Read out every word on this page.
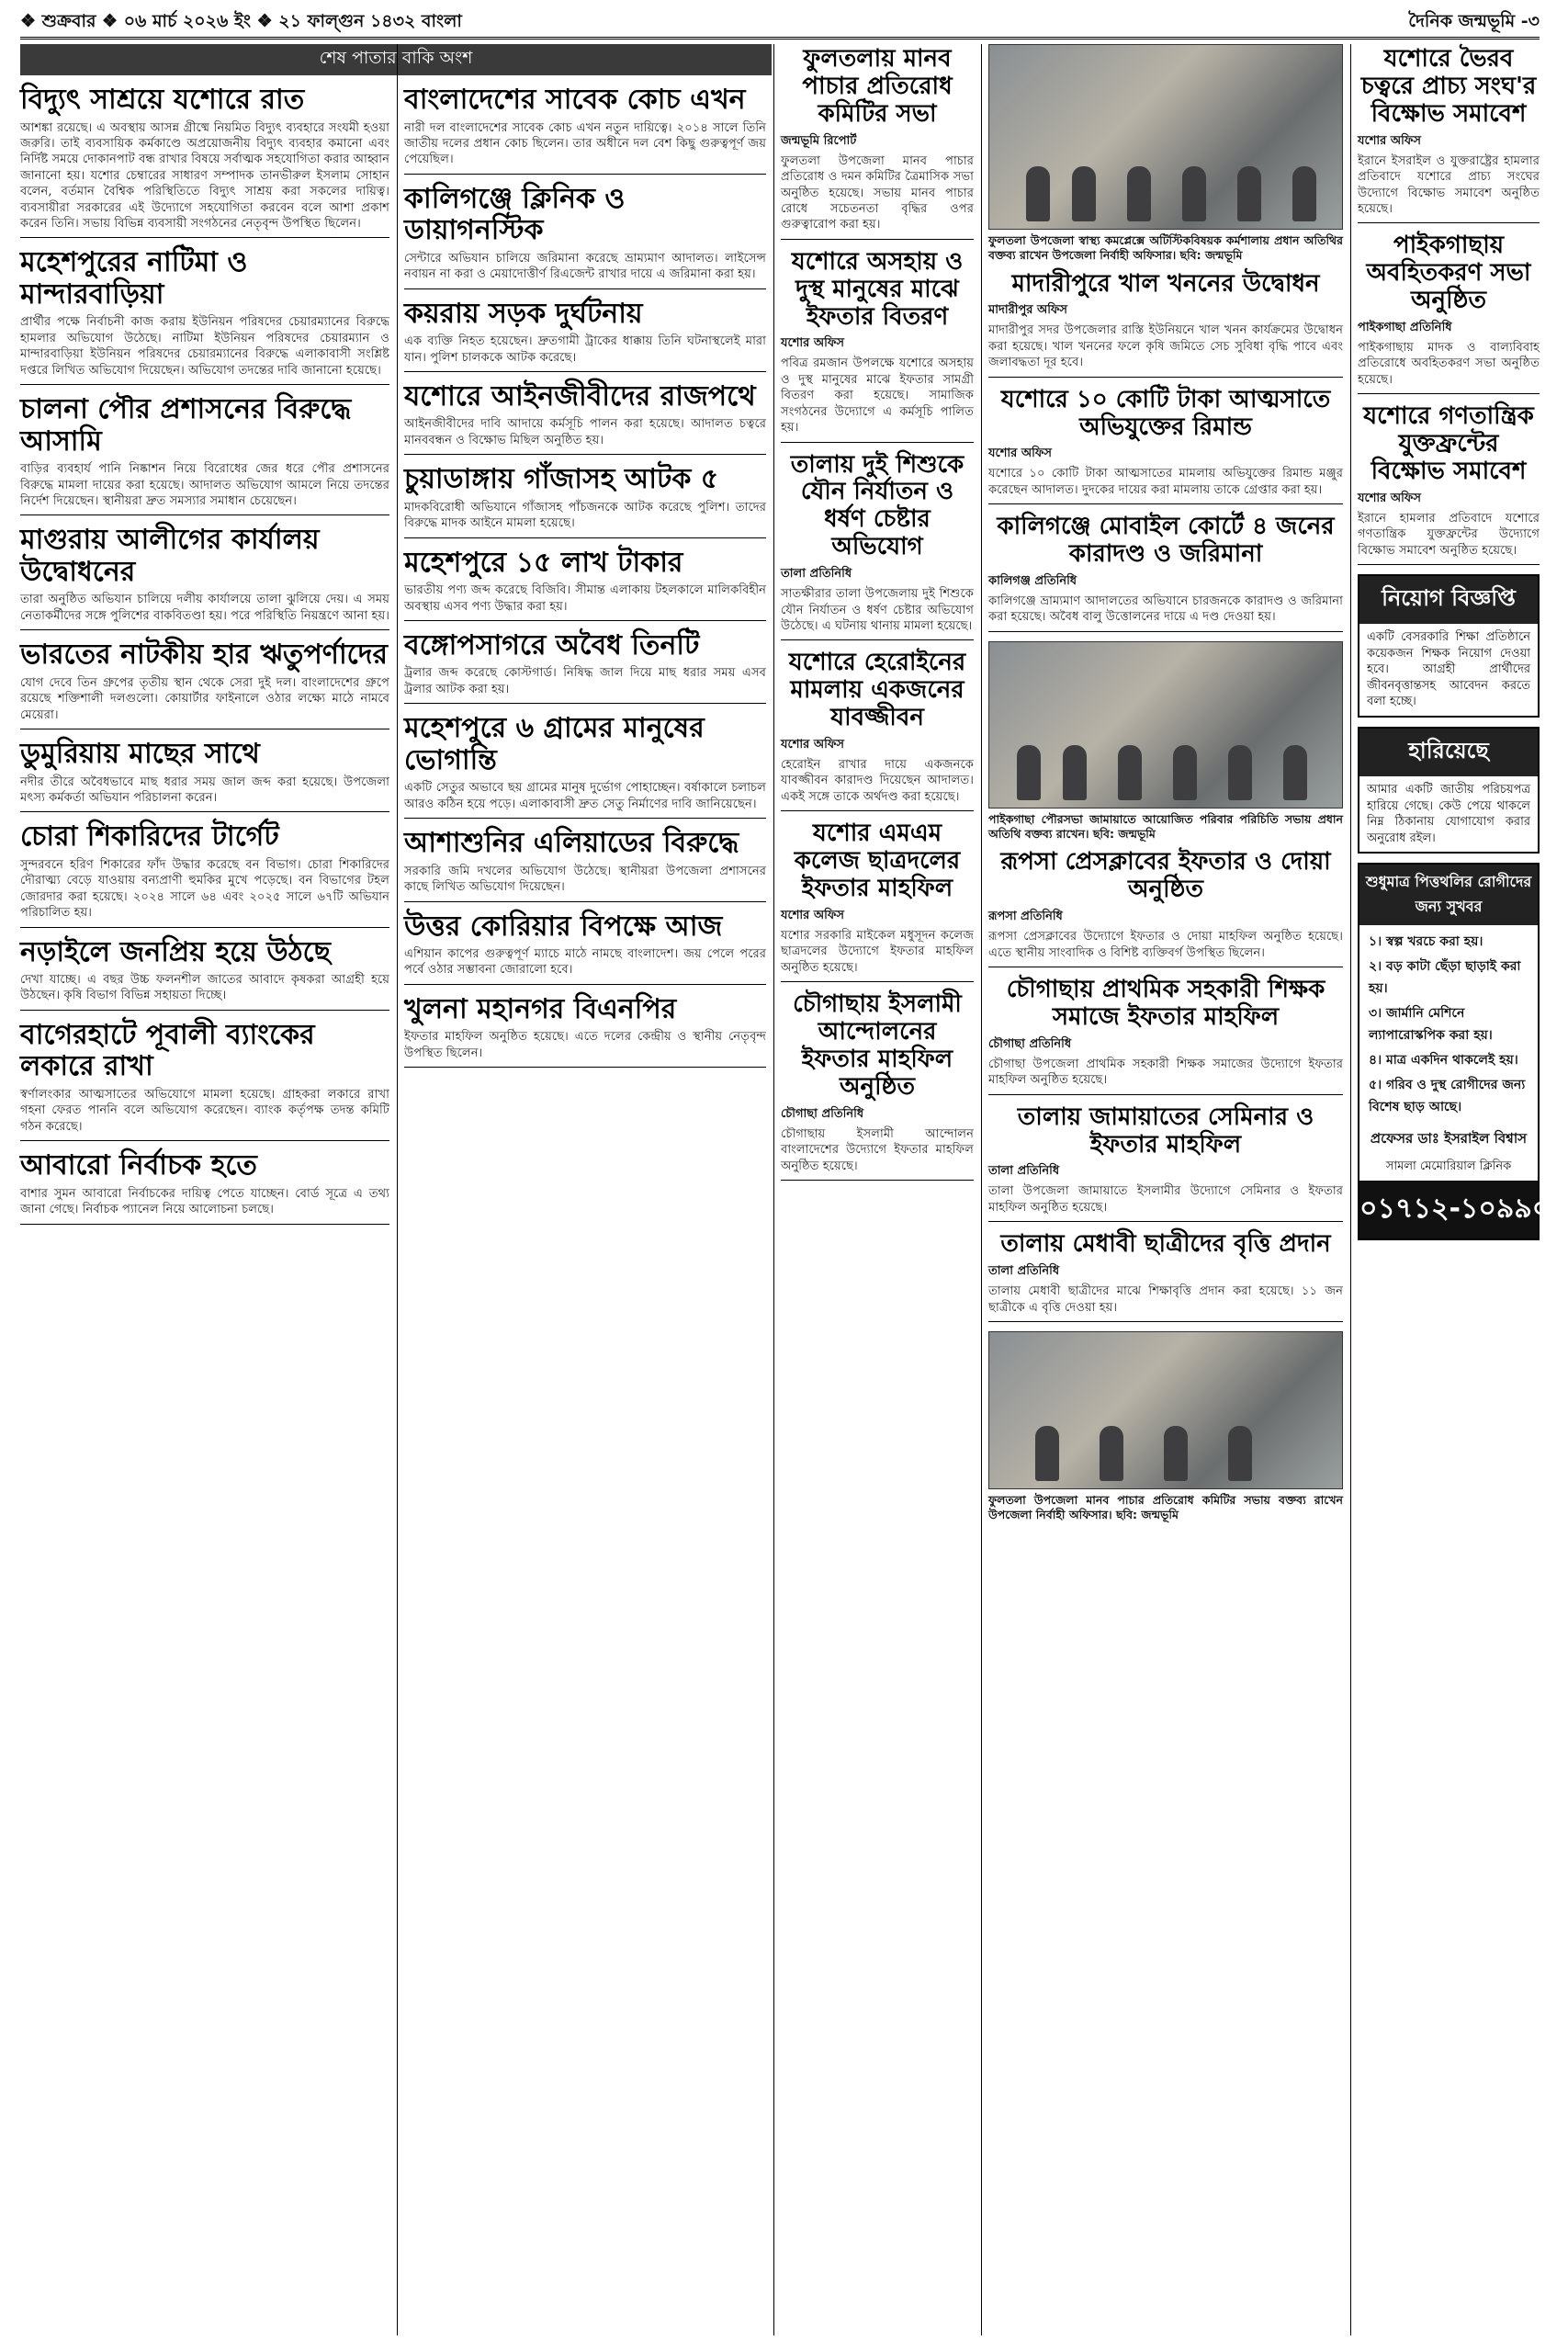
❖ শুক্রবার ❖ ০৬ মার্চ ২০২৬ ইং ❖ ২১ ফাল্গুন ১৪৩২ বাংলা	দৈনিক জন্মভূমি -৩
শেষ পাতার বাকি অংশ
বিদ্যুৎ সাশ্রয়ে যশোরে রাত

আশঙ্কা রয়েছে। এ অবস্থায় আসন্ন গ্রীষ্মে নিয়মিত বিদ্যুৎ ব্যবহারে সংযমী হওয়া জরুরি। তাই ব্যবসায়িক কর্মকাণ্ডে অপ্রয়োজনীয় বিদ্যুৎ ব্যবহার কমানো এবং নির্দিষ্ট সময়ে দোকানপাট বন্ধ রাখার বিষয়ে সর্বাত্মক সহযোগিতা করার আহ্বান জানানো হয়। যশোর চেম্বারের সাধারণ সম্পাদক তানভীরুল ইসলাম সোহান বলেন, বর্তমান বৈশ্বিক পরিস্থিতিতে বিদ্যুৎ সাশ্রয় করা সকলের দায়িত্ব। ব্যবসায়ীরা সরকারের এই উদ্যোগে সহযোগিতা করবেন বলে আশা প্রকাশ করেন তিনি। সভায় বিভিন্ন ব্যবসায়ী সংগঠনের নেতৃবৃন্দ উপস্থিত ছিলেন।

মহেশপুরের নাটিমা ও মান্দারবাড়িয়া

প্রার্থীর পক্ষে নির্বাচনী কাজ করায় ইউনিয়ন পরিষদের চেয়ারম্যানের বিরুদ্ধে হামলার অভিযোগ উঠেছে। নাটিমা ইউনিয়ন পরিষদের চেয়ারম্যান ও মান্দারবাড়িয়া ইউনিয়ন পরিষদের চেয়ারম্যানের বিরুদ্ধে এলাকাবাসী সংশ্লিষ্ট দপ্তরে লিখিত অভিযোগ দিয়েছেন। অভিযোগ তদন্তের দাবি জানানো হয়েছে।

চালনা পৌর প্রশাসনের বিরুদ্ধে আসামি

বাড়ির ব্যবহার্য পানি নিষ্কাশন নিয়ে বিরোধের জের ধরে পৌর প্রশাসনের বিরুদ্ধে মামলা দায়ের করা হয়েছে। আদালত অভিযোগ আমলে নিয়ে তদন্তের নির্দেশ দিয়েছেন। স্থানীয়রা দ্রুত সমস্যার সমাধান চেয়েছেন।

মাগুরায় আলীগের কার্যালয় উদ্বোধনের

তারা অনুষ্ঠিত অভিযান চালিয়ে দলীয় কার্যালয়ে তালা ঝুলিয়ে দেয়। এ সময় নেতাকর্মীদের সঙ্গে পুলিশের বাকবিতণ্ডা হয়। পরে পরিস্থিতি নিয়ন্ত্রণে আনা হয়।

ভারতের নাটকীয় হার ঋতুপর্ণাদের

যোগ দেবে তিন গ্রুপের তৃতীয় স্থান থেকে সেরা দুই দল। বাংলাদেশের গ্রুপে রয়েছে শক্তিশালী দলগুলো। কোয়ার্টার ফাইনালে ওঠার লক্ষ্যে মাঠে নামবে মেয়েরা।

ডুমুরিয়ায় মাছের সাথে

নদীর তীরে অবৈধভাবে মাছ ধরার সময় জাল জব্দ করা হয়েছে। উপজেলা মৎস্য কর্মকর্তা অভিযান পরিচালনা করেন।

চোরা শিকারিদের টার্গেট

সুন্দরবনে হরিণ শিকারের ফাঁদ উদ্ধার করেছে বন বিভাগ। চোরা শিকারিদের দৌরাত্ম্য বেড়ে যাওয়ায় বন্যপ্রাণী হুমকির মুখে পড়েছে। বন বিভাগের টহল জোরদার করা হয়েছে। ২০২৪ সালে ৬৪ এবং ২০২৫ সালে ৬৭টি অভিযান পরিচালিত হয়।

নড়াইলে জনপ্রিয় হয়ে উঠছে

দেখা যাচ্ছে। এ বছর উচ্চ ফলনশীল জাতের আবাদে কৃষকরা আগ্রহী হয়ে উঠছেন। কৃষি বিভাগ বিভিন্ন সহায়তা দিচ্ছে।

বাগেরহাটে পূবালী ব্যাংকের লকারে রাখা

স্বর্ণালংকার আত্মসাতের অভিযোগে মামলা হয়েছে। গ্রাহকরা লকারে রাখা গহনা ফেরত পাননি বলে অভিযোগ করেছেন। ব্যাংক কর্তৃপক্ষ তদন্ত কমিটি গঠন করেছে।

আবারো নির্বাচক হতে

বাশার সুমন আবারো নির্বাচকের দায়িত্ব পেতে যাচ্ছেন। বোর্ড সূত্রে এ তথ্য জানা গেছে। নির্বাচক প্যানেল নিয়ে আলোচনা চলছে।

বাংলাদেশের সাবেক কোচ এখন

নারী দল বাংলাদেশের সাবেক কোচ এখন নতুন দায়িত্বে। ২০১৪ সালে তিনি জাতীয় দলের প্রধান কোচ ছিলেন। তার অধীনে দল বেশ কিছু গুরুত্বপূর্ণ জয় পেয়েছিল।

কালিগঞ্জে ক্লিনিক ও ডায়াগনস্টিক

সেন্টারে অভিযান চালিয়ে জরিমানা করেছে ভ্রাম্যমাণ আদালত। লাইসেন্স নবায়ন না করা ও মেয়াদোত্তীর্ণ রিএজেন্ট রাখার দায়ে এ জরিমানা করা হয়।

কয়রায় সড়ক দুর্ঘটনায়

এক ব্যক্তি নিহত হয়েছেন। দ্রুতগামী ট্রাকের ধাক্কায় তিনি ঘটনাস্থলেই মারা যান। পুলিশ চালককে আটক করেছে।

যশোরে আইনজীবীদের রাজপথে

আইনজীবীদের দাবি আদায়ে কর্মসূচি পালন করা হয়েছে। আদালত চত্বরে মানববন্ধন ও বিক্ষোভ মিছিল অনুষ্ঠিত হয়।

চুয়াডাঙ্গায় গাঁজাসহ আটক ৫

মাদকবিরোধী অভিযানে গাঁজাসহ পাঁচজনকে আটক করেছে পুলিশ। তাদের বিরুদ্ধে মাদক আইনে মামলা হয়েছে।

মহেশপুরে ১৫ লাখ টাকার

ভারতীয় পণ্য জব্দ করেছে বিজিবি। সীমান্ত এলাকায় টহলকালে মালিকবিহীন অবস্থায় এসব পণ্য উদ্ধার করা হয়।

বঙ্গোপসাগরে অবৈধ তিনটি

ট্রলার জব্দ করেছে কোস্টগার্ড। নিষিদ্ধ জাল দিয়ে মাছ ধরার সময় এসব ট্রলার আটক করা হয়।

মহেশপুরে ৬ গ্রামের মানুষের ভোগান্তি

একটি সেতুর অভাবে ছয় গ্রামের মানুষ দুর্ভোগ পোহাচ্ছেন। বর্ষাকালে চলাচল আরও কঠিন হয়ে পড়ে। এলাকাবাসী দ্রুত সেতু নির্মাণের দাবি জানিয়েছেন।

আশাশুনির এলিয়াডের বিরুদ্ধে

সরকারি জমি দখলের অভিযোগ উঠেছে। স্থানীয়রা উপজেলা প্রশাসনের কাছে লিখিত অভিযোগ দিয়েছেন।

উত্তর কোরিয়ার বিপক্ষে আজ

এশিয়ান কাপের গুরুত্বপূর্ণ ম্যাচে মাঠে নামছে বাংলাদেশ। জয় পেলে পরের পর্বে ওঠার সম্ভাবনা জোরালো হবে।

খুলনা মহানগর বিএনপির

ইফতার মাহফিল অনুষ্ঠিত হয়েছে। এতে দলের কেন্দ্রীয় ও স্থানীয় নেতৃবৃন্দ উপস্থিত ছিলেন।

ফুলতলায় মানব পাচার প্রতিরোধ কমিটির সভা
জন্মভূমি রিপোর্ট

ফুলতলা উপজেলা মানব পাচার প্রতিরোধ ও দমন কমিটির ত্রৈমাসিক সভা অনুষ্ঠিত হয়েছে। সভায় মানব পাচার রোধে সচেতনতা বৃদ্ধির ওপর গুরুত্বারোপ করা হয়।

যশোরে অসহায় ও দুস্থ মানুষের মাঝে ইফতার বিতরণ
যশোর অফিস

পবিত্র রমজান উপলক্ষে যশোরে অসহায় ও দুস্থ মানুষের মাঝে ইফতার সামগ্রী বিতরণ করা হয়েছে। সামাজিক সংগঠনের উদ্যোগে এ কর্মসূচি পালিত হয়।

তালায় দুই শিশুকে যৌন নির্যাতন ও ধর্ষণ চেষ্টার অভিযোগ
তালা প্রতিনিধি

সাতক্ষীরার তালা উপজেলায় দুই শিশুকে যৌন নির্যাতন ও ধর্ষণ চেষ্টার অভিযোগ উঠেছে। এ ঘটনায় থানায় মামলা হয়েছে।

যশোরে হেরোইনের মামলায় একজনের যাবজ্জীবন
যশোর অফিস

হেরোইন রাখার দায়ে একজনকে যাবজ্জীবন কারাদণ্ড দিয়েছেন আদালত। একই সঙ্গে তাকে অর্থদণ্ড করা হয়েছে।

যশোর এমএম কলেজ ছাত্রদলের ইফতার মাহফিল
যশোর অফিস

যশোর সরকারি মাইকেল মধুসূদন কলেজ ছাত্রদলের উদ্যোগে ইফতার মাহফিল অনুষ্ঠিত হয়েছে।

চৌগাছায় ইসলামী আন্দোলনের ইফতার মাহফিল অনুষ্ঠিত
চৌগাছা প্রতিনিধি

চৌগাছায় ইসলামী আন্দোলন বাংলাদেশের উদ্যোগে ইফতার মাহফিল অনুষ্ঠিত হয়েছে।

ফুলতলা উপজেলা স্বাস্থ্য কমপ্লেক্সে অটিস্টিকবিষয়ক কর্মশালায় প্রধান অতিথির বক্তব্য রাখেন উপজেলা নির্বাহী অফিসার। ছবি: জন্মভূমি

মাদারীপুরে খাল খননের উদ্বোধন
মাদারীপুর অফিস

মাদারীপুর সদর উপজেলার রাস্তি ইউনিয়নে খাল খনন কার্যক্রমের উদ্বোধন করা হয়েছে। খাল খননের ফলে কৃষি জমিতে সেচ সুবিধা বৃদ্ধি পাবে এবং জলাবদ্ধতা দূর হবে।

যশোরে ১০ কোটি টাকা আত্মসাতে অভিযুক্তের রিমান্ড
যশোর অফিস

যশোরে ১০ কোটি টাকা আত্মসাতের মামলায় অভিযুক্তের রিমান্ড মঞ্জুর করেছেন আদালত। দুদকের দায়ের করা মামলায় তাকে গ্রেপ্তার করা হয়।

কালিগঞ্জে মোবাইল কোর্টে ৪ জনের কারাদণ্ড ও জরিমানা
কালিগঞ্জ প্রতিনিধি

কালিগঞ্জে ভ্রাম্যমাণ আদালতের অভিযানে চারজনকে কারাদণ্ড ও জরিমানা করা হয়েছে। অবৈধ বালু উত্তোলনের দায়ে এ দণ্ড দেওয়া হয়।

পাইকগাছা পৌরসভা জামায়াতে আয়োজিত পরিবার পরিচিতি সভায় প্রধান অতিথি বক্তব্য রাখেন। ছবি: জন্মভূমি

রূপসা প্রেসক্লাবের ইফতার ও দোয়া অনুষ্ঠিত
রূপসা প্রতিনিধি

রূপসা প্রেসক্লাবের উদ্যোগে ইফতার ও দোয়া মাহফিল অনুষ্ঠিত হয়েছে। এতে স্থানীয় সাংবাদিক ও বিশিষ্ট ব্যক্তিবর্গ উপস্থিত ছিলেন।

চৌগাছায় প্রাথমিক সহকারী শিক্ষক সমাজে ইফতার মাহফিল
চৌগাছা প্রতিনিধি

চৌগাছা উপজেলা প্রাথমিক সহকারী শিক্ষক সমাজের উদ্যোগে ইফতার মাহফিল অনুষ্ঠিত হয়েছে।

তালায় জামায়াতের সেমিনার ও ইফতার মাহফিল
তালা প্রতিনিধি

তালা উপজেলা জামায়াতে ইসলামীর উদ্যোগে সেমিনার ও ইফতার মাহফিল অনুষ্ঠিত হয়েছে।

তালায় মেধাবী ছাত্রীদের বৃত্তি প্রদান
তালা প্রতিনিধি

তালায় মেধাবী ছাত্রীদের মাঝে শিক্ষাবৃত্তি প্রদান করা হয়েছে। ১১ জন ছাত্রীকে এ বৃত্তি দেওয়া হয়।

ফুলতলা উপজেলা মানব পাচার প্রতিরোধ কমিটির সভায় বক্তব্য রাখেন উপজেলা নির্বাহী অফিসার। ছবি: জন্মভূমি

যশোরে ভৈরব চত্বরে প্রাচ্য সংঘ'র বিক্ষোভ সমাবেশ
যশোর অফিস

ইরানে ইসরাইল ও যুক্তরাষ্ট্রের হামলার প্রতিবাদে যশোরে প্রাচ্য সংঘের উদ্যোগে বিক্ষোভ সমাবেশ অনুষ্ঠিত হয়েছে।

পাইকগাছায় অবহিতকরণ সভা অনুষ্ঠিত
পাইকগাছা প্রতিনিধি

পাইকগাছায় মাদক ও বাল্যবিবাহ প্রতিরোধে অবহিতকরণ সভা অনুষ্ঠিত হয়েছে।

যশোরে গণতান্ত্রিক যুক্তফ্রন্টের বিক্ষোভ সমাবেশ
যশোর অফিস

ইরানে হামলার প্রতিবাদে যশোরে গণতান্ত্রিক যুক্তফ্রন্টের উদ্যোগে বিক্ষোভ সমাবেশ অনুষ্ঠিত হয়েছে।

নিয়োগ বিজ্ঞপ্তি
একটি বেসরকারি শিক্ষা প্রতিষ্ঠানে কয়েকজন শিক্ষক নিয়োগ দেওয়া হবে। আগ্রহী প্রার্থীদের জীবনবৃত্তান্তসহ আবেদন করতে বলা হচ্ছে।
হারিয়েছে
আমার একটি জাতীয় পরিচয়পত্র হারিয়ে গেছে। কেউ পেয়ে থাকলে নিম্ন ঠিকানায় যোগাযোগ করার অনুরোধ রইল।
শুধুমাত্র পিত্তথলির রোগীদের জন্য সুখবর
১। স্বল্প খরচে করা হয়।
২। বড় কাটা ছেঁড়া ছাড়াই করা হয়।
৩। জার্মানি মেশিনে ল্যাপারোস্কপিক করা হয়।
৪। মাত্র একদিন থাকলেই হয়।
৫। গরিব ও দুস্থ রোগীদের জন্য বিশেষ ছাড় আছে।
প্রফেসর ডাঃ ইসরাইল বিশ্বাস
সামলা মেমোরিয়াল ক্লিনিক
০১৭১২-১০৯৯০০
